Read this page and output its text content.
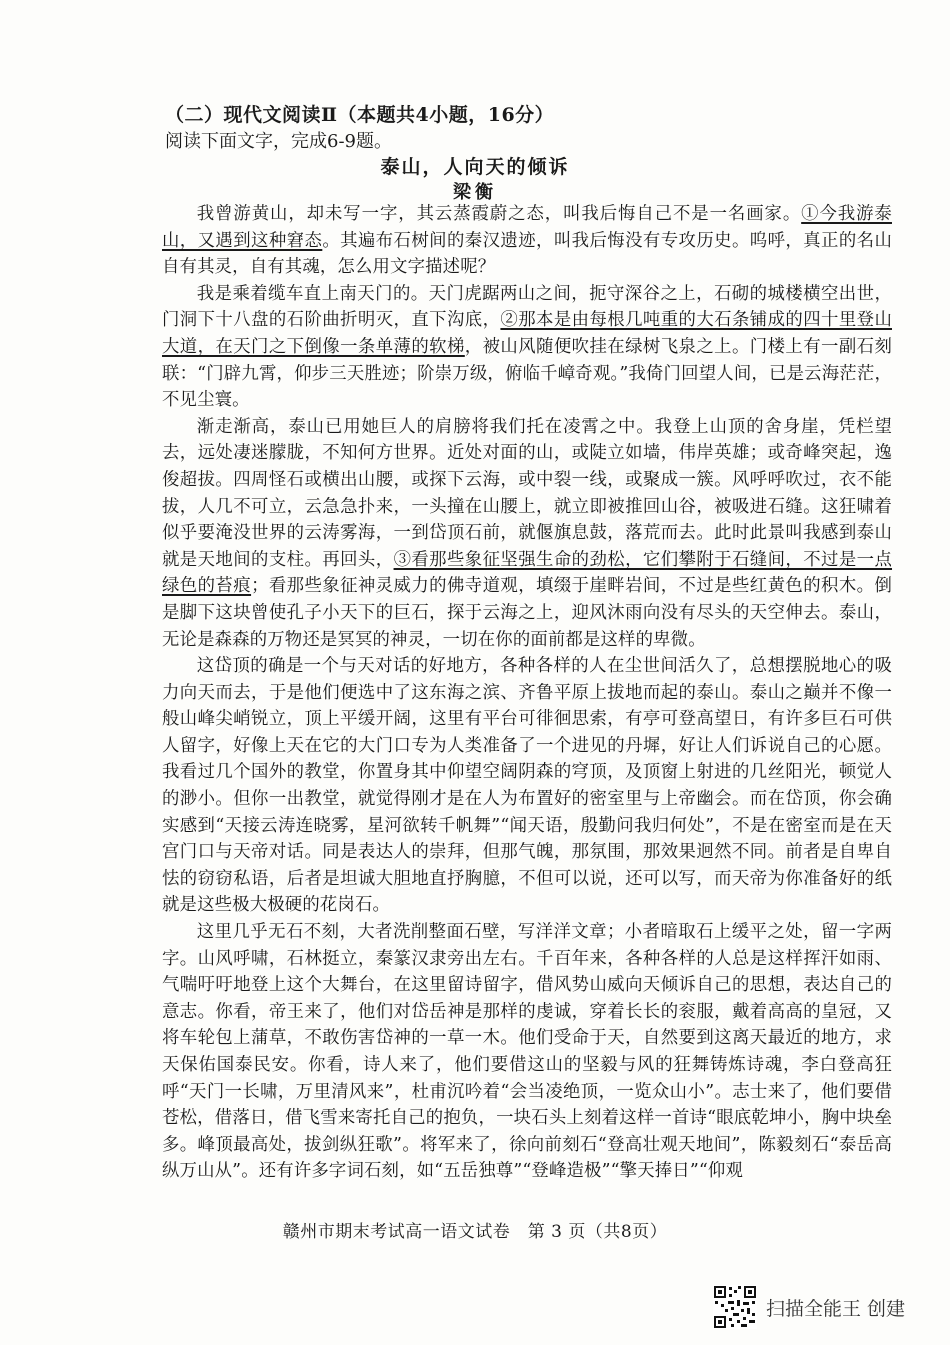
（二）现代文阅读Ⅱ（本题共4小题，16分）
阅读下面文字，完成6-9题。
泰山，人向天的倾诉
梁衡

我曾游黄山，却未写一字，其云蒸霞蔚之态，叫我后悔自己不是一名画家。①今我游泰山，又遇到这种窘态。其遍布石树间的秦汉遗迹，叫我后悔没有专攻历史。呜呼，真正的名山自有其灵，自有其魂，怎么用文字描述呢？

我是乘着缆车直上南天门的。天门虎踞两山之间，扼守深谷之上，石砌的城楼横空出世，门洞下十八盘的石阶曲折明灭，直下沟底，②那本是由每根几吨重的大石条铺成的四十里登山大道，在天门之下倒像一条单薄的软梯，被山风随便吹挂在绿树飞泉之上。门楼上有一副石刻联：“门辟九霄，仰步三天胜迹；阶崇万级，俯临千嶂奇观。”我倚门回望人间，已是云海茫茫，不见尘寰。

渐走渐高，泰山已用她巨人的肩膀将我们托在凌霄之中。我登上山顶的舍身崖，凭栏望去，远处凄迷朦胧，不知何方世界。近处对面的山，或陡立如墙，伟岸英雄；或奇峰突起，逸俊超拔。四周怪石或横出山腰，或探下云海，或中裂一线，或聚成一簇。风呼呼吹过，衣不能拔，人几不可立，云急急扑来，一头撞在山腰上，就立即被推回山谷，被吸进石缝。这狂啸着似乎要淹没世界的云涛雾海，一到岱顶石前，就偃旗息鼓，落荒而去。此时此景叫我感到泰山就是天地间的支柱。再回头，③看那些象征坚强生命的劲松，它们攀附于石缝间，不过是一点绿色的苔痕；看那些象征神灵威力的佛寺道观，填缀于崖畔岩间，不过是些红黄色的积木。倒是脚下这块曾使孔子小天下的巨石，探于云海之上，迎风沐雨向没有尽头的天空伸去。泰山，无论是森森的万物还是冥冥的神灵，一切在你的面前都是这样的卑微。

这岱顶的确是一个与天对话的好地方，各种各样的人在尘世间活久了，总想摆脱地心的吸力向天而去，于是他们便选中了这东海之滨、齐鲁平原上拔地而起的泰山。泰山之巅并不像一般山峰尖峭锐立，顶上平缓开阔，这里有平台可徘徊思索，有亭可登高望日，有许多巨石可供人留字，好像上天在它的大门口专为人类准备了一个进见的丹墀，好让人们诉说自己的心愿。我看过几个国外的教堂，你置身其中仰望空阔阴森的穹顶，及顶窗上射进的几丝阳光，顿觉人的渺小。但你一出教堂，就觉得刚才是在人为布置好的密室里与上帝幽会。而在岱顶，你会确实感到“天接云涛连晓雾，星河欲转千帆舞”“闻天语，殷勤问我归何处”，不是在密室而是在天宫门口与天帝对话。同是表达人的崇拜，但那气魄，那氛围，那效果迥然不同。前者是自卑自怯的窃窃私语，后者是坦诚大胆地直抒胸臆，不但可以说，还可以写，而天帝为你准备好的纸就是这些极大极硬的花岗石。

这里几乎无石不刻，大者洗削整面石壁，写洋洋文章；小者暗取石上缓平之处，留一字两字。山风呼啸，石林挺立，秦篆汉隶旁出左右。千百年来，各种各样的人总是这样挥汗如雨、气喘吁吁地登上这个大舞台，在这里留诗留字，借风势山威向天倾诉自己的思想，表达自己的意志。你看，帝王来了，他们对岱岳神是那样的虔诚，穿着长长的衮服，戴着高高的皇冠，又将车轮包上蒲草，不敢伤害岱神的一草一木。他们受命于天，自然要到这离天最近的地方，求天保佑国泰民安。你看，诗人来了，他们要借这山的坚毅与风的狂舞铸炼诗魂，李白登高狂呼“天门一长啸，万里清风来”，杜甫沉吟着“会当凌绝顶，一览众山小”。志士来了，他们要借苍松，借落日，借飞雪来寄托自己的抱负，一块石头上刻着这样一首诗“眼底乾坤小，胸中块垒多。峰顶最高处，拔剑纵狂歌”。将军来了，徐向前刻石“登高壮观天地间”，陈毅刻石“泰岳高纵万山从”。还有许多字词石刻，如“五岳独尊”“登峰造极”“擎天捧日”“仰观

赣州市期末考试高一语文试卷　第 3 页（共8页）
扫描全能王 创建
